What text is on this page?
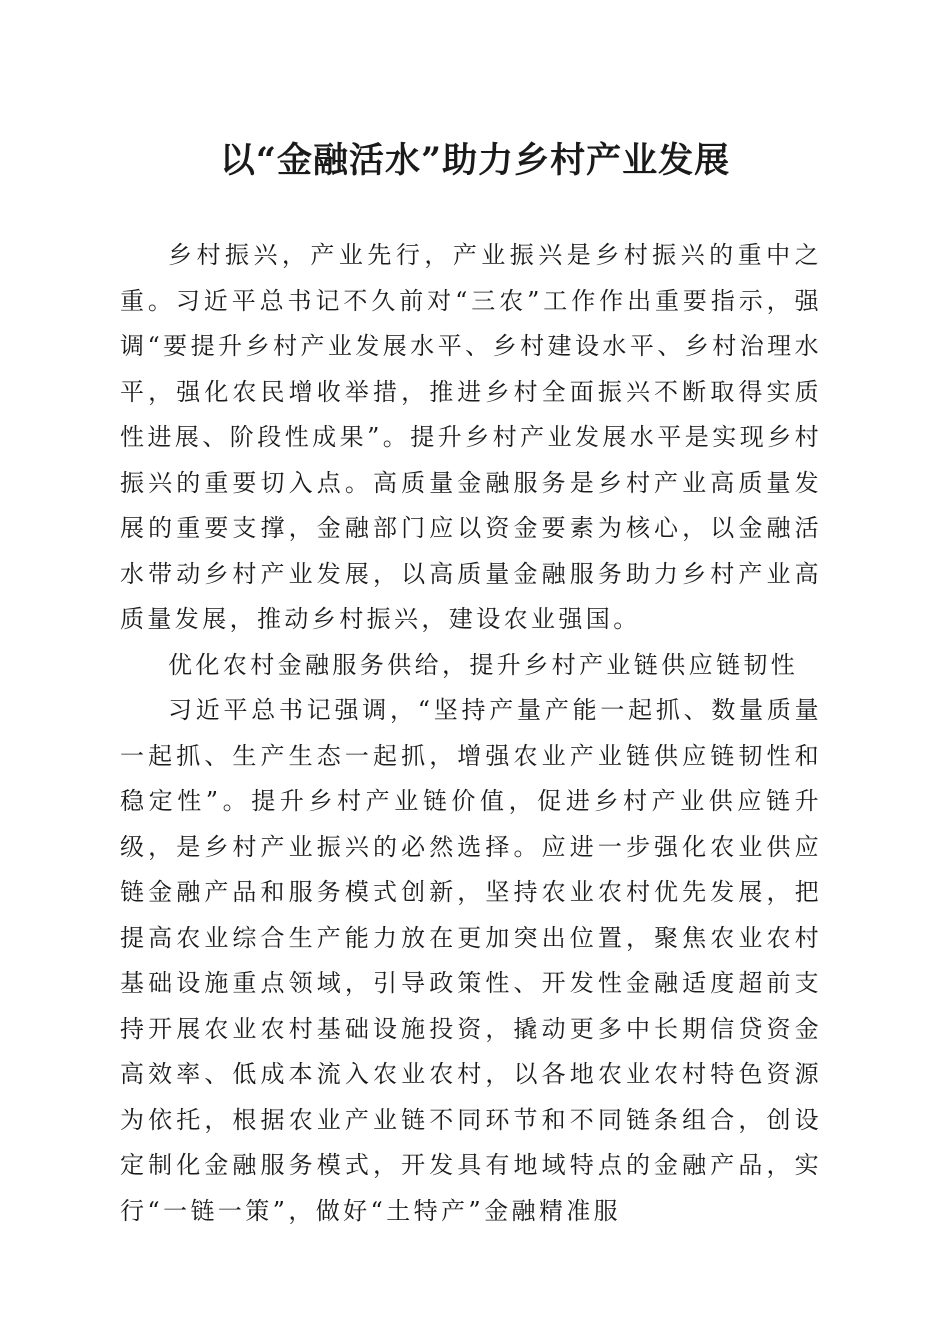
以“金融活水”助力乡村产业发展

乡村振兴，产业先行，产业振兴是乡村振兴的重中之重。习近平总书记不久前对“三农”工作作出重要指示，强调“要提升乡村产业发展水平、乡村建设水平、乡村治理水平，强化农民增收举措，推进乡村全面振兴不断取得实质性进展、阶段性成果”。提升乡村产业发展水平是实现乡村振兴的重要切入点。高质量金融服务是乡村产业高质量发展的重要支撑，金融部门应以资金要素为核心，以金融活水带动乡村产业发展，以高质量金融服务助力乡村产业高质量发展，推动乡村振兴，建设农业强国。

优化农村金融服务供给，提升乡村产业链供应链韧性

习近平总书记强调，“坚持产量产能一起抓、数量质量一起抓、生产生态一起抓，增强农业产业链供应链韧性和稳定性”。提升乡村产业链价值，促进乡村产业供应链升级，是乡村产业振兴的必然选择。应进一步强化农业供应链金融产品和服务模式创新，坚持农业农村优先发展，把提高农业综合生产能力放在更加突出位置，聚焦农业农村基础设施重点领域，引导政策性、开发性金融适度超前支持开展农业农村基础设施投资，撬动更多中长期信贷资金高效率、低成本流入农业农村，以各地农业农村特色资源为依托，根据农业产业链不同环节和不同链条组合，创设定制化金融服务模式，开发具有地域特点的金融产品，实行“一链一策”，做好“土特产”金融精准服
